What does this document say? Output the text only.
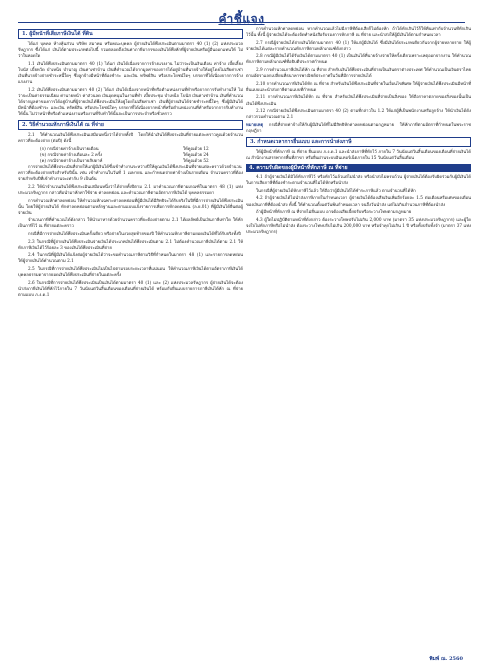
คำชี้แจง
1. ผู้มีหน้าที่เสียภาษีเงินได้ ที่ดิน

ได้แก่ บุคคล ห้างหุ้นส่วน บริษัท สมาคม หรือคณะบุคคล ผู้จ่ายเงินได้พึงประเมินตามมาตรา 40 (1) (2) แห่งประมวลรัษฎากร ซึ่งได้แก่ เงินได้ตามประเภทต่อไปนี้ รวมตลอดถึงเงินค่าภาษีอากรของเงินได้พึงหักที่ผู้จ่ายเงินหรือผู้อื่นออกแทนให้ ไม่ว่าในทอดใด

1.1 เงินได้พึงประเมินตามมาตรา 40 (1) ได้แก่ เงินได้เนื่องจากการจ้างแรงงาน ไม่ว่าจะเป็นเงินเดือน ค่าจ้าง เบี้ยเลี้ยง โบนัส เบี้ยหวัด บำเหน็จ บำนาญ เงินค่าเช่าบ้าน เงินที่คำนวณได้จากมูลค่าของการได้อยู่บ้านที่นายจ้างให้อยู่โดยไม่เสียค่าเช่า เงินที่นายจ้างจ่ายชำระหนี้ใดๆ ซึ่งลูกจ้างมีหน้าที่ต้องชำระ และเงิน ทรัพย์สิน หรือประโยชน์ใดๆ บรรดาที่ได้เนื่องจากการจ้างแรงงาน

1.2 เงินได้พึงประเมินตามมาตรา 40 (2) ได้แก่ เงินได้เนื่องจากหน้าที่หรือตำแหน่งงานที่ทำหรือจากการรับทำงานให้ ไม่ว่าจะเป็นค่าธรรมเนียม ค่านายหน้า ค่าส่วนลด เงินอุดหนุนในงานที่ทำ เบี้ยประชุม บำเหน็จ โบนัส เงินค่าเช่าบ้าน เงินที่คำนวณได้จากมูลค่าของการได้อยู่บ้านที่ผู้จ่ายเงินได้พึงประเมินให้อยู่โดยไม่เสียค่าเช่า เงินที่ผู้จ่ายเงินได้จ่ายชำระหนี้ใดๆ ซึ่งผู้มีเงินได้มีหน้าที่ต้องชำระ และเงิน ทรัพย์สิน หรือประโยชน์ใดๆ บรรดาที่ได้เนื่องจากหน้าที่หรือตำแหน่งงานที่ทำหรือจากการรับทำงานให้นั้น ไม่ว่าหน้าที่หรือตำแหน่งงานหรืองานที่รับทำให้นั้นจะเป็นการประจำหรือชั่วคราว

2. วิธีคำนวณหักภาษีเงินได้ ณ ที่จ่าย

2.1 ให้คำนวณเงินได้พึงประเมินเสมือนหนึ่งว่าได้จ่ายทั้งปี โดยให้นำเงินได้พึงประเมินที่จ่ายแต่ละคราวคูณด้วยจำนวนคราวที่จะต้องจ่าย (ต่อปี) ดังนี้

(ก) กรณีจ่ายค่าจ้างเป็นรายเดือน	ให้คูณด้วย 12
(ข) กรณีจ่ายค่าจ้างเดือนละ 2 ครั้ง	ให้คูณด้วย 24
(ค) กรณีจ่ายค่าจ้างเป็นรายสัปดาห์	ให้คูณด้วย 52

การจ่ายเงินได้พึงประเมินที่จ่ายให้แก่ผู้มีเงินได้ซึ่งเข้าทำงานระหว่างปีให้คูณเงินได้พึงประเมินที่จ่ายแต่ละคราวด้วยจำนวนคราวที่จะต้องจ่ายจริงสำหรับปีนั้น เช่น เข้าทำงานในวันที่ 1 เมษายน และกำหนดจ่ายค่าจ้างเป็นรายเดือน จำนวนคราวที่ต้องจ่ายสำหรับปีที่เข้าทำงานจะเท่ากับ 9 เป็นต้น

2.2 ให้นำจำนวนเงินได้พึงประเมินเสมือนหนึ่งว่าได้จ่ายทั้งปีตาม 2.1 มาคำนวณภาษีตามเกณฑ์ในมาตรา 48 (1) แห่งประมวลรัษฎากร กล่าวคือนำมาหักค่าใช้จ่าย ค่าลดหย่อน และคำนวณภาษีตามอัตราภาษีเงินได้ บุคคลธรรมดา

การคำนวณหักค่าลดหย่อน ให้คำนวณหักเฉพาะค่าลดหย่อนที่ผู้มีเงินได้มีสิทธิจะได้รับจริงในปีที่มีการจ่ายเงินได้พึงประเมินนั้น โดยให้ผู้จ่ายเงินได้ หักค่าลดหย่อนตามหลักฐานและตามแบบแจ้งรายการเพื่อการหักลดหย่อน (ล.ย.01) ที่ผู้มีเงินได้ยื่นต่อผู้จ่ายเงิน

จำนวนภาษีที่คำนวณได้ดังกล่าว ให้นำมาหารด้วยจำนวนคราวที่จะต้องจ่ายตาม 2.1 ได้ผลลัพธ์เป็นเงินภาษีเท่าใด ให้หักเป็นภาษีไว้ ณ ที่จ่ายแต่ละคราว

กรณีที่มีการจ่ายเงินได้พึงประเมินครั้งเดียว หรือจ่ายในงวดสุดท้ายของปี ให้คำนวณหักภาษีตามยอดเงินได้ที่ได้รับจริงทั้งปี

2.3 ในกรณีที่ผู้จ่ายเงินได้พึงประเมินจ่ายเงินได้ประเภทเงินได้พึงประเมินตาม 2.1 ไม่ต้องคำนวณภาษีเงินได้ตาม 2.1 ให้หักภาษีเงินได้ไว้ร้อยละ 3 ของเงินได้พึงประเมินที่จ่าย

2.4 ในกรณีที่ผู้มีเงินได้แจ้งต่อผู้จ่ายเงินได้ว่าจะขอคำนวณภาษีตามวิธีที่กำหนดในมาตรา 48 (1) และรายการลดหย่อน ให้ผู้จ่ายเงินได้คำนวณตาม 2.1

2.5 ในกรณีที่การจ่ายเงินได้พึงประเมินไม่เป็นไปตามรอบระยะเวลาที่แน่นอน ให้คำนวณภาษีเงินได้ตามอัตราภาษีเงินได้บุคคลธรรมดาจากยอดเงินได้พึงประเมินที่จ่ายในแต่ละครั้ง

2.6 ในกรณีที่การจ่ายเงินได้พึงประเมินเป็นเงินได้ตามมาตรา 40 (1) และ (2) แห่งประมวลรัษฎากร ผู้จ่ายเงินได้จะต้องนำส่งภาษีเงินได้ที่หักไว้ภายใน 7 วันนับแต่วันสิ้นเดือนของเดือนที่จ่ายเงินได้ พร้อมกับยื่นแบบรายการภาษีเงินได้หัก ณ ที่จ่าย ตามแบบ ภ.ง.ด.1

การคำนวณหักค่าลดหย่อน หากคำนวณแล้วไม่มีภาษีที่ต้องเสียก็ไม่ต้องหัก ถ้าได้หักเกินไว้ก็ให้คืนเท่ากับจำนวนที่หักเกินไว้นั้น ทั้งนี้ ผู้จ่ายเงินได้จะต้องจัดทำหนังสือรับรองการหักภาษี ณ ที่จ่าย และนำส่งให้ผู้มีเงินได้ตามกำหนดเวลา

2.7 กรณีผู้จ่ายเงินได้จ่ายเงินได้ตามมาตรา 40 (1) ให้แก่ผู้มีเงินได้ ซึ่งมีเงินได้ประเภทเดียวกันจากผู้จ่ายหลายราย ให้ผู้จ่ายเงินได้แต่ละรายคำนวณหักภาษีตามหลักเกณฑ์ดังกล่าว

2.8 กรณีผู้มีเงินได้ได้รับเงินได้ตามมาตรา 40 (1) เป็นเงินได้ที่นายจ้างจ่ายให้ครั้งเดียวเพราะเหตุออกจากงาน ให้คำนวณหักภาษีตามหลักเกณฑ์ที่อธิบดีประกาศกำหนด

2.9 การคำนวณภาษีเงินได้หัก ณ ที่จ่าย สำหรับเงินได้พึงประเมินที่จ่ายเป็นเงินตราต่างประเทศ ให้คำนวณเป็นเงินตราไทยตามอัตราแลกเปลี่ยนที่ธนาคารพาณิชย์ประกาศในวันที่มีการจ่ายเงินได้

2.10 การคำนวณภาษีเงินได้หัก ณ ที่จ่าย สำหรับเงินได้พึงประเมินที่จ่ายในเงื่อนไขพิเศษ ให้ผู้จ่ายเงินได้พึงประเมินมีหน้าที่ยื่นแบบและนำส่งภาษีตามแบบที่กำหนด

2.11 การคำนวณภาษีเงินได้หัก ณ ที่จ่าย สำหรับเงินได้พึงประเมินที่จ่ายเป็นสิ่งของ ให้ถือราคาตลาดของสิ่งของนั้นเป็นเงินได้พึงประเมิน

2.12 กรณีจ่ายเงินได้พึงประเมินตามมาตรา 40 (2) ตามที่กล่าวใน 1.2 ให้แก่ผู้ที่เป็นพนักงานหรือลูกจ้าง ให้นำเงินได้ดังกล่าวรวมคำนวณตาม 2.1

หมายเหตุ กรณีที่จ่ายค่าจ้างให้กับผู้มีเงินได้ที่ไม่มีสิทธิหักค่าลดหย่อนตามกฎหมาย ให้หักภาษีตามอัตราที่กำหนดในพระราชกฤษฎีกา

3. กำหนดเวลาการยื่นแบบ และการนำส่งภาษี

ให้ผู้มีหน้าที่หักภาษี ณ ที่จ่าย ยื่นแบบ ภ.ง.ด.1 และนำส่งภาษีที่หักไว้ ภายใน 7 วันนับแต่วันสิ้นเดือนของเดือนที่จ่ายเงินได้ ณ สำนักงานสรรพากรพื้นที่สาขา หรือยื่นผ่านระบบอินเทอร์เน็ตภายใน 15 วันนับแต่วันสิ้นเดือน

4. ความรับผิดของผู้มีหน้าที่หักภาษี ณ ที่จ่าย

4.1 ถ้าผู้จ่ายเงินได้มิได้หักภาษีไว้ หรือหักไว้แล้วแต่ไม่นำส่ง หรือนำส่งไม่ครบถ้วน ผู้จ่ายเงินได้ต้องรับผิดร่วมกับผู้มีเงินได้ในการเสียภาษีที่ต้องชำระตามจำนวนที่ไม่ได้หักหรือนำส่ง

ในกรณีที่ผู้จ่ายเงินได้หักภาษีไว้แล้ว ให้ถือว่าผู้มีเงินได้ได้ชำระภาษีแล้ว ตามจำนวนที่ได้หัก

4.2 ถ้าผู้จ่ายเงินได้ไม่นำส่งภาษีภายในกำหนดเวลา ผู้จ่ายเงินได้ต้องเสียเงินเพิ่มอีกร้อยละ 1.5 ต่อเดือนหรือเศษของเดือนของเงินภาษีที่ต้องนำส่ง ทั้งนี้ ให้คำนวณตั้งแต่วันพ้นกำหนดเวลา จนถึงวันนำส่ง แต่ไม่เกินจำนวนภาษีที่ต้องนำส่ง

ถ้าผู้มีหน้าที่หักภาษี ณ ที่จ่ายไม่ยื่นแบบ อาจต้องเสียเบี้ยปรับหรือระวางโทษตามกฎหมาย

4.3 ผู้ใดไม่ปฏิบัติตามหน้าที่ดังกล่าว ต้องระวางโทษปรับไม่เกิน 2,000 บาท (มาตรา 35 แห่งประมวลรัษฎากร) และผู้ใดจงใจไม่หักภาษีหรือไม่นำส่ง ต้องระวางโทษปรับไม่เกิน 200,000 บาท หรือจำคุกไม่เกิน 1 ปี หรือทั้งปรับทั้งจำ (มาตรา 37 แห่งประมวลรัษฎากร)

พิมพ์ ณ. 2560
